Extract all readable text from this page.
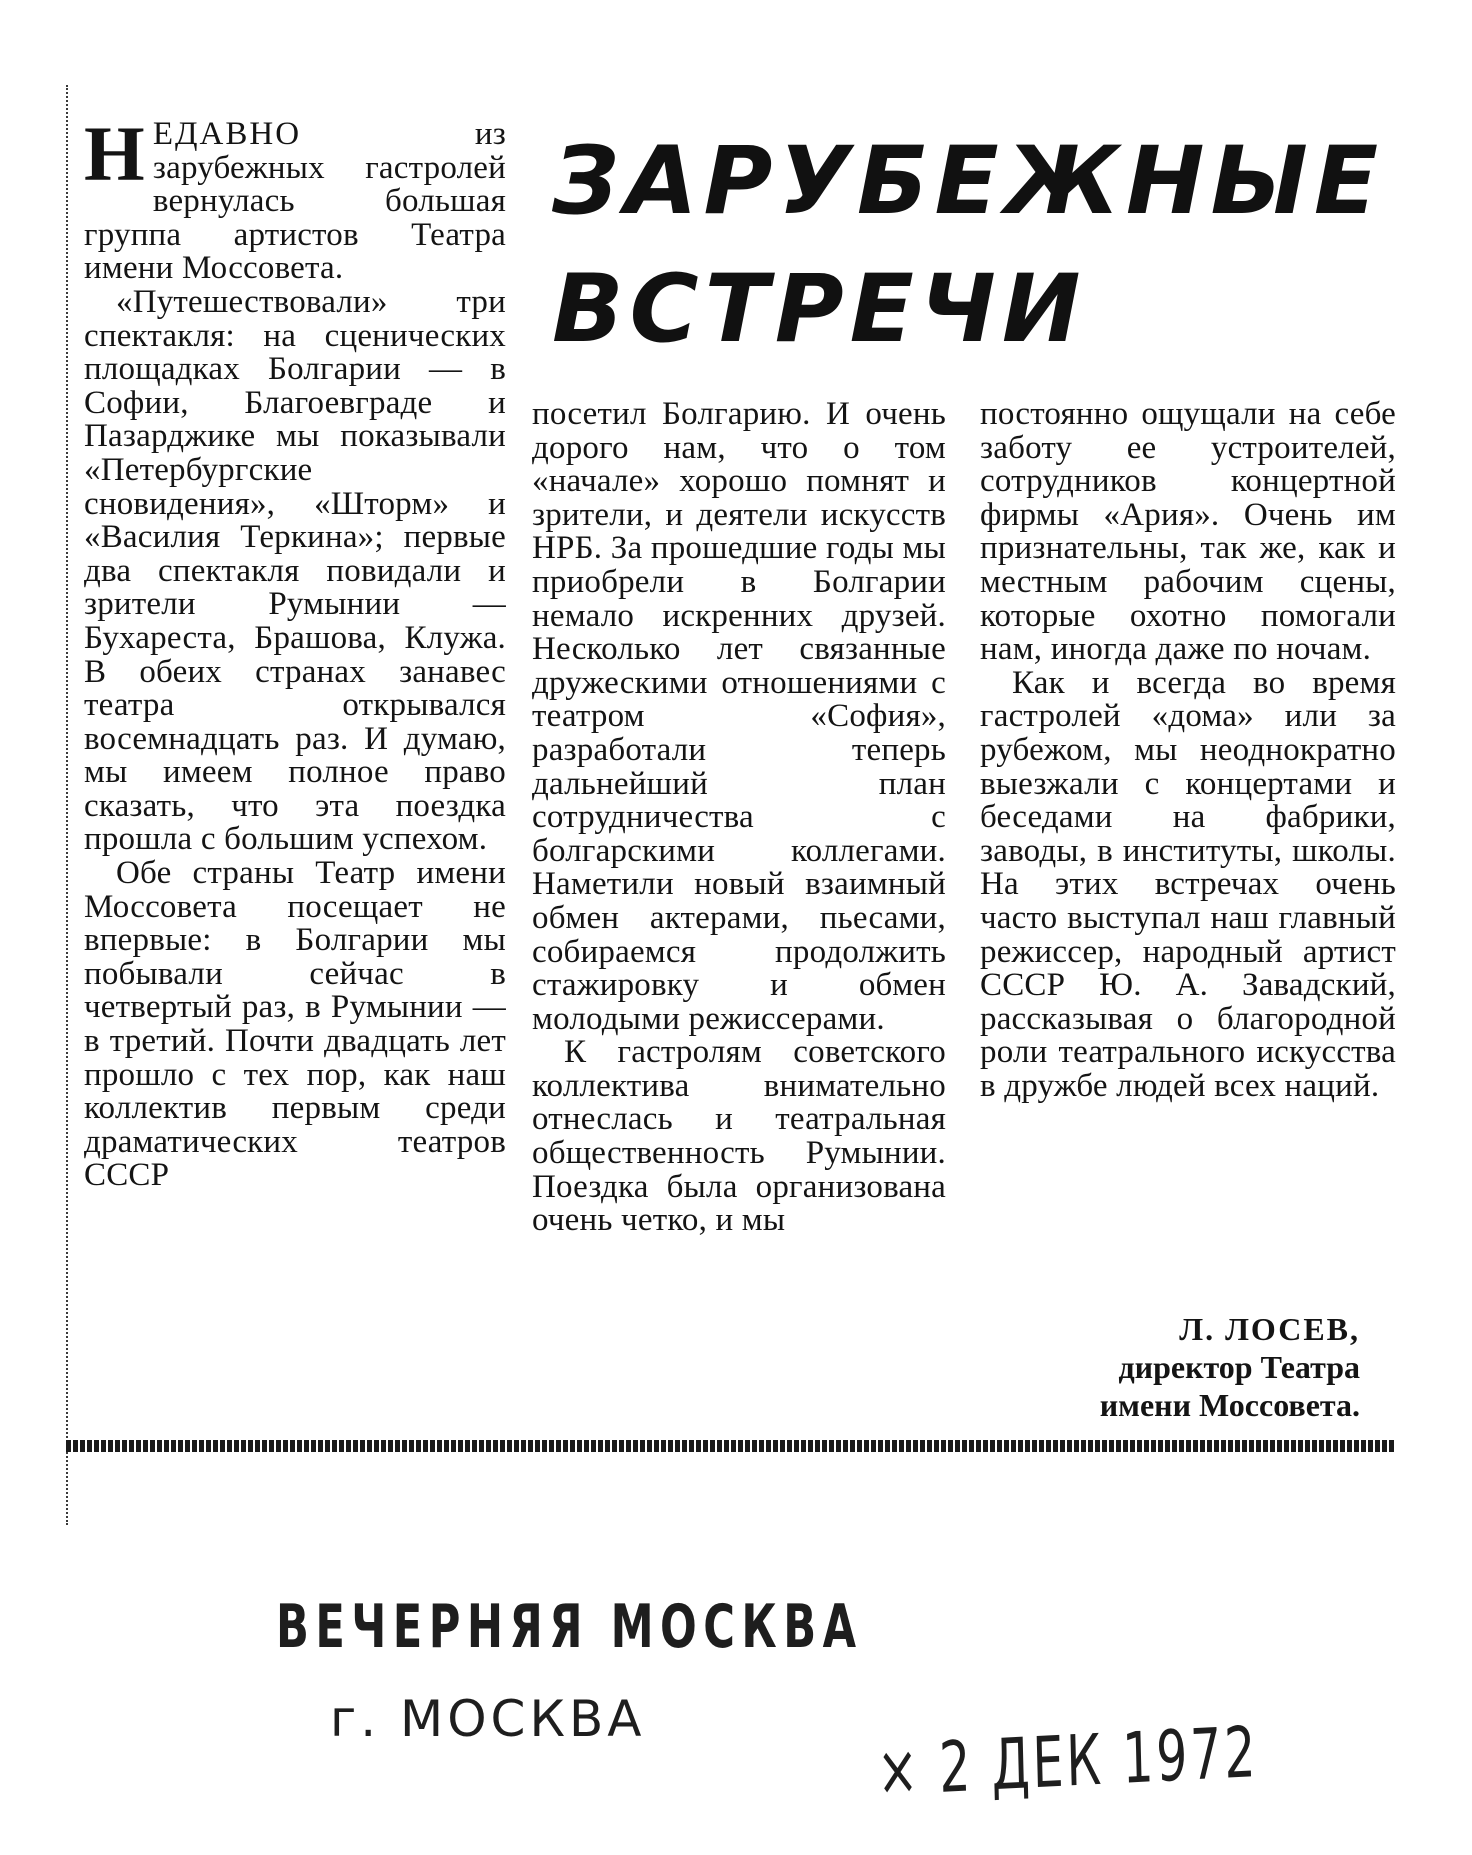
НЕДАВНО из зарубежных гастролей вернулась большая группа артистов Театра имени Моссовета.

«Путешествовали» три спектакля: на сценических площадках Болгарии — в Софии, Благоевграде и Пазарджике мы показывали «Петербургские сновидения», «Шторм» и «Василия Теркина»; первые два спектакля повидали и зрители Румынии — Бухареста, Брашова, Клужа. В обеих странах занавес театра открывался восемнадцать раз. И думаю, мы имеем полное право сказать, что эта поездка прошла с большим успехом.

Обе страны Театр имени Моссовета посещает не впервые: в Болгарии мы побывали сейчас в четвертый раз, в Румынии — в третий. Почти двадцать лет прошло с тех пор, как наш коллектив первым среди драматических театров СССР

ЗАРУБЕЖНЫЕ
ВСТРЕЧИ

посетил Болгарию. И очень дорого нам, что о том «начале» хорошо помнят и зрители, и деятели искусств НРБ. За прошедшие годы мы приобрели в Болгарии немало искренних друзей. Несколько лет связанные дружескими отношениями с театром «София», разработали теперь дальнейший план сотрудничества с болгарскими коллегами. Наметили новый взаимный обмен актерами, пьесами, собираемся продолжить стажировку и обмен молодыми режиссерами.

К гастролям советского коллектива внимательно отнеслась и театральная общественность Румынии. Поездка была организована очень четко, и мы

постоянно ощущали на себе заботу ее устроителей, сотрудников концертной фирмы «Ария». Очень им признательны, так же, как и местным рабочим сцены, которые охотно помогали нам, иногда даже по ночам.

Как и всегда во время гастролей «дома» или за рубежом, мы неоднократно выезжали с концертами и беседами на фабрики, заводы, в институты, школы. На этих встречах очень часто выступал наш главный режиссер, народный артист СССР Ю. А. Завадский, рассказывая о благородной роли театрального искусства в дружбе людей всех наций.

Л. ЛОСЕВ,
директор Театра
имени Моссовета.
ВЕЧЕРНЯЯ МОСКВА
г. МОСКВА	× 2 ДЕК 1972
